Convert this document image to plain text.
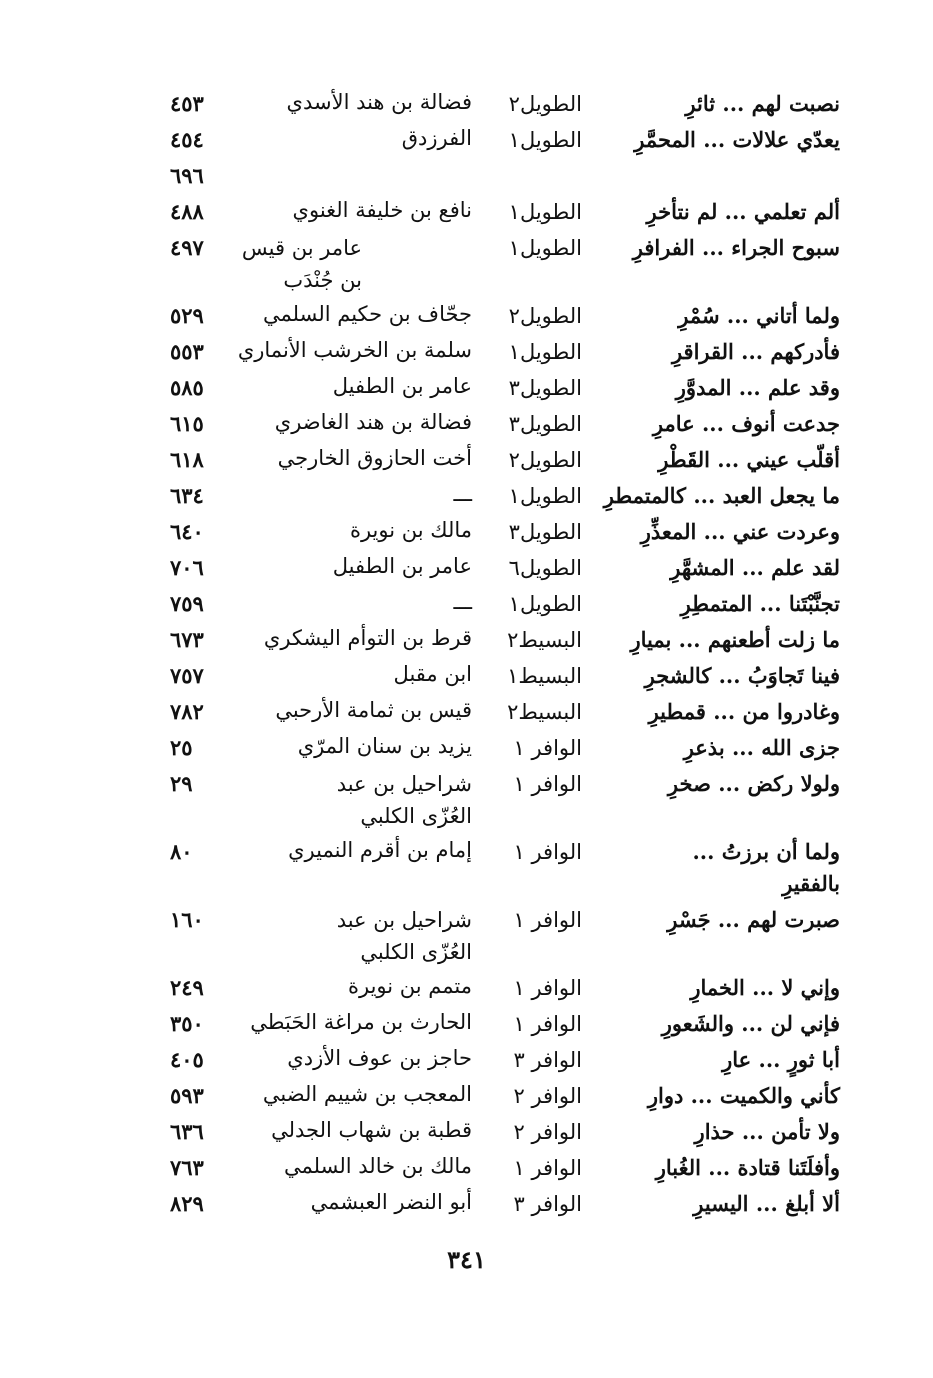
نصبت لهم ... ثائرِ
الطويل٢
فضالة بن هند الأسدي
٤٥٣
يعدّي علالات ... المحمَّرِ
الطويل١
الفرزدق
٤٥٤
٦٩٦
ألم تعلمي ... لم نتأخرِ
الطويل١
نافع بن خليفة الغنوي
٤٨٨
سبوح الجراء ... الفرافرِ
الطويل١
عامر بن قيس بن جُنْدَب
٤٩٧
ولما أتاني ... سُمْرِ
الطويل٢
جحّاف بن حكيم السلمي
٥٢٩
فأدركهم ... القراقرِ
الطويل١
سلمة بن الخرشب الأنماري
٥٥٣
وقد علم ... المدوَّرِ
الطويل٣
عامر بن الطفيل
٥٨٥
جدعت أنوف ... عامرِ
الطويل٣
فضالة بن هند الغاضري
٦١٥
أقلّب عيني ... القَطْرِ
الطويل٢
أخت الحازوق الخارجي
٦١٨
ما يجعل العبد ... كالمتمطرِ
الطويل١
ـــ
٦٣٤
وعردت عني ... المعذِّرِ
الطويل٣
مالك بن نويرة
٦٤٠
لقد علم ... المشهَّرِ
الطويل٦
عامر بن الطفيل
٧٠٦
تجنَّبْتَنا ... المتمطِرِ
الطويل١
ـــ
٧٥٩
ما زلت أطعنهم ... بميارِ
البسيط٢
قرط بن التوأم اليشكري
٦٧٣
فينا تَجاوَبُ ... كالشجرِ
البسيط١
ابن مقبل
٧٥٧
وغادروا من ... قمطيرِ
البسيط٢
قيس بن ثمامة الأرحبي
٧٨٢
جزى الله ... بذعرِ
الوافر ١
يزيد بن سنان المرّي
٢٥
ولولا ركض ... صخرِ
الوافر ١
شراحيل بن عبد العُزّى الكلبي
٢٩
ولما أن برزتُ ... بالفقيرِ
الوافر ١
إمام بن أقرم النميري
٨٠
صبرت لهم ... جَسْرِ
الوافر ١
شراحيل بن عبد العُزّى الكلبي
١٦٠
وإني لا ... الخمارِ
الوافر ١
متمم بن نويرة
٢٤٩
فإني لن ... والشَعورِ
الوافر ١
الحارث بن مراغة الحَبَطي
٣٥٠
أبا ثورٍ ... عارِ
الوافر ٣
حاجز بن عوف الأزدي
٤٠٥
كأني والكميت ... دوارِ
الوافر ٢
المعجب بن شييم الضبي
٥٩٣
ولا تأمن ... حذارِ
الوافر ٢
قطبة بن شهاب الجدلي
٦٣٦
وأفلَتَنا قتادة ... الغُبارِ
الوافر ١
مالك بن خالد السلمي
٧٦٣
ألا أبلغ ... اليسيرِ
الوافر ٣
أبو النضر العبشمي
٨٢٩
٣٤١
